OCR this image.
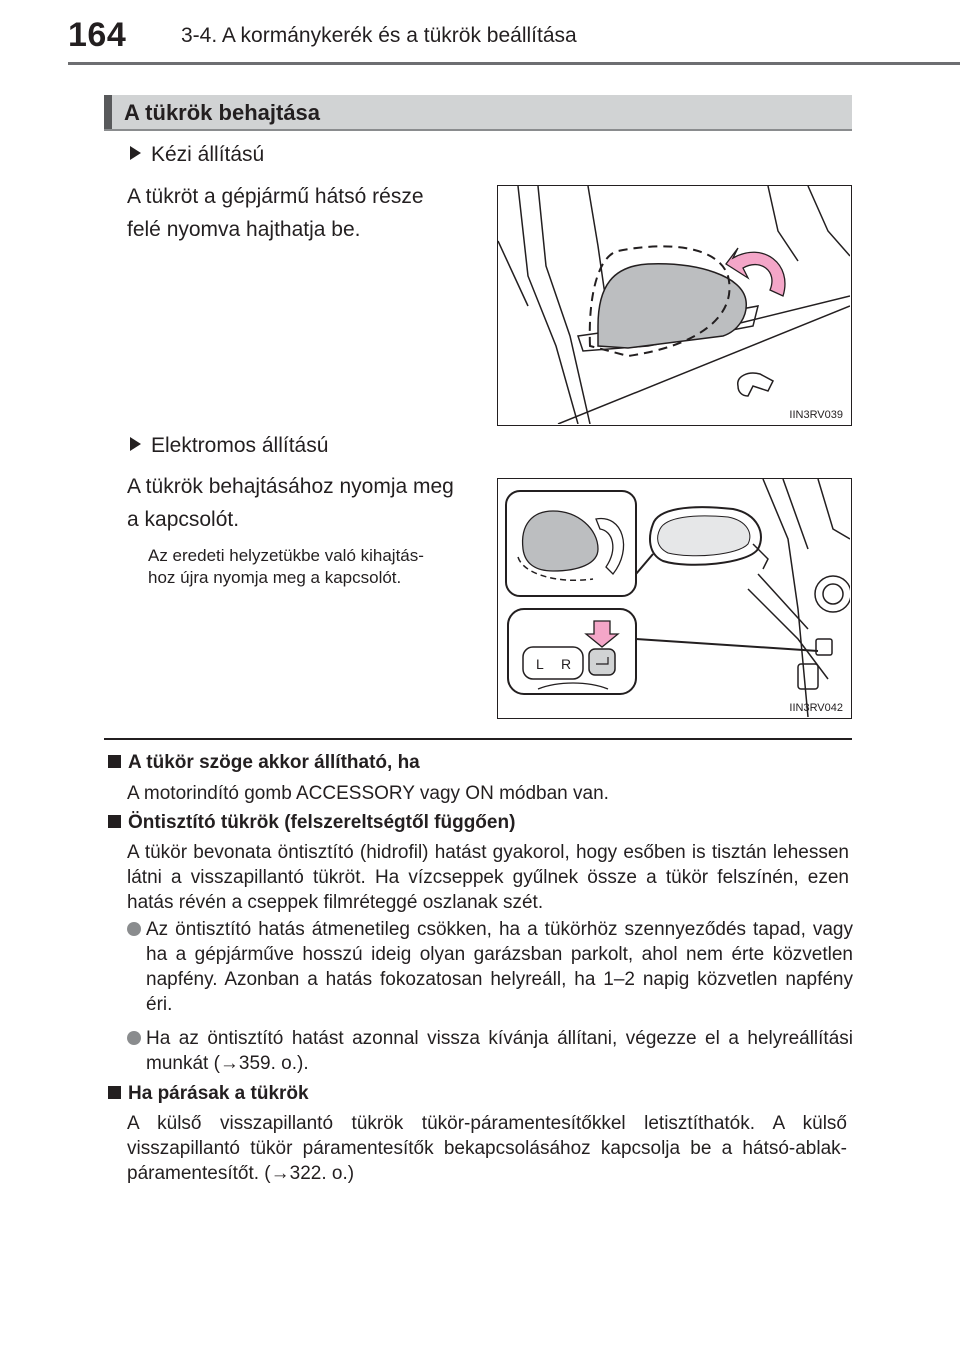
164	3-4. A kormánykerék és a tükrök beállítása
A tükrök behajtása
Kézi állítású
A tükröt a gépjármű hátsó része
felé nyomva hajthatja be.
IIN3RV039
Elektromos állítású
A tükrök behajtásához nyomja meg
a kapcsolót.
Az eredeti helyzetükbe való kihajtás-
hoz újra nyomja meg a kapcsolót.
L R
IIN3RV042
A tükör szöge akkor állítható, ha
A motorindító gomb ACCESSORY vagy ON módban van.
Öntisztító tükrök (felszereltségtől függően)
A tükör bevonata öntisztító (hidrofil) hatást gyakorol, hogy esőben is tisztán lehessen látni a visszapillantó tükröt. Ha vízcseppek gyűlnek össze a tükör felszínén, ezen hatás révén a cseppek filmréteggé oszlanak szét.
Az öntisztító hatás átmenetileg csökken, ha a tükörhöz szennyeződés tapad, vagy ha a gépjárműve hosszú ideig olyan garázsban parkolt, ahol nem érte közvetlen napfény. Azonban a hatás fokozatosan helyreáll, ha 1–2 napig közvetlen napfény éri.
Ha az öntisztító hatást azonnal vissza kívánja állítani, végezze el a helyreállítási munkát (→359. o.).
Ha párásak a tükrök
A külső visszapillantó tükrök tükör-páramentesítőkkel letisztíthatók. A külső visszapillantó tükör páramentesítők bekapcsolásához kapcsolja be a hátsó-ablak-páramentesítőt. (→322. o.)
